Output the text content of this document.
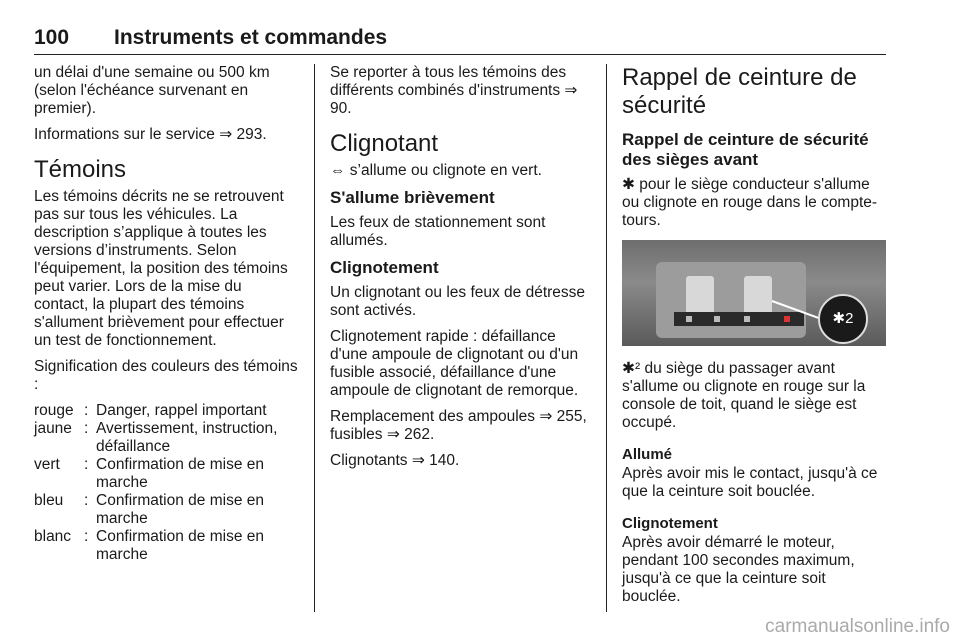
100 Instruments et commandes

un délai d'une semaine ou 500 km (selon l'échéance survenant en premier).

Informations sur le service ⇒ 293.

Témoins

Les témoins décrits ne se retrouvent pas sur tous les véhicules. La description s’applique à toutes les versions d’instruments. Selon l'équipement, la position des témoins peut varier. Lors de la mise du contact, la plupart des témoins s'allument brièvement pour effectuer un test de fonctionnement.

Signification des couleurs des témoins :

rouge : Danger, rappel important
jaune : Avertissement, instruction, défaillance
vert	: Confirmation de mise en marche
bleu	: Confirmation de mise en marche
blanc : Confirmation de mise en marche

Se reporter à tous les témoins des différents combinés d'instruments ⇒ 90.

Clignotant

⇔ s’allume ou clignote en vert.

S'allume brièvement

Les feux de stationnement sont allumés.

Clignotement

Un clignotant ou les feux de détresse sont activés.

Clignotement rapide : défaillance d'une ampoule de clignotant ou d'un fusible associé, défaillance d'une ampoule de clignotant de remorque.

Remplacement des ampoules ⇒ 255, fusibles ⇒ 262.

Clignotants ⇒ 140.

Rappel de ceinture de sécurité
Rappel de ceinture de sécurité des sièges avant

✱ pour le siège conducteur s'allume ou clignote en rouge dans le compte-tours.

✱2

✱² du siège du passager avant s'allume ou clignote en rouge sur la console de toit, quand le siège est occupé.

Allumé

Après avoir mis le contact, jusqu'à ce que la ceinture soit bouclée.

Clignotement

Après avoir démarré le moteur, pendant 100 secondes maximum, jusqu'à ce que la ceinture soit bouclée.

carmanualsonline.info
